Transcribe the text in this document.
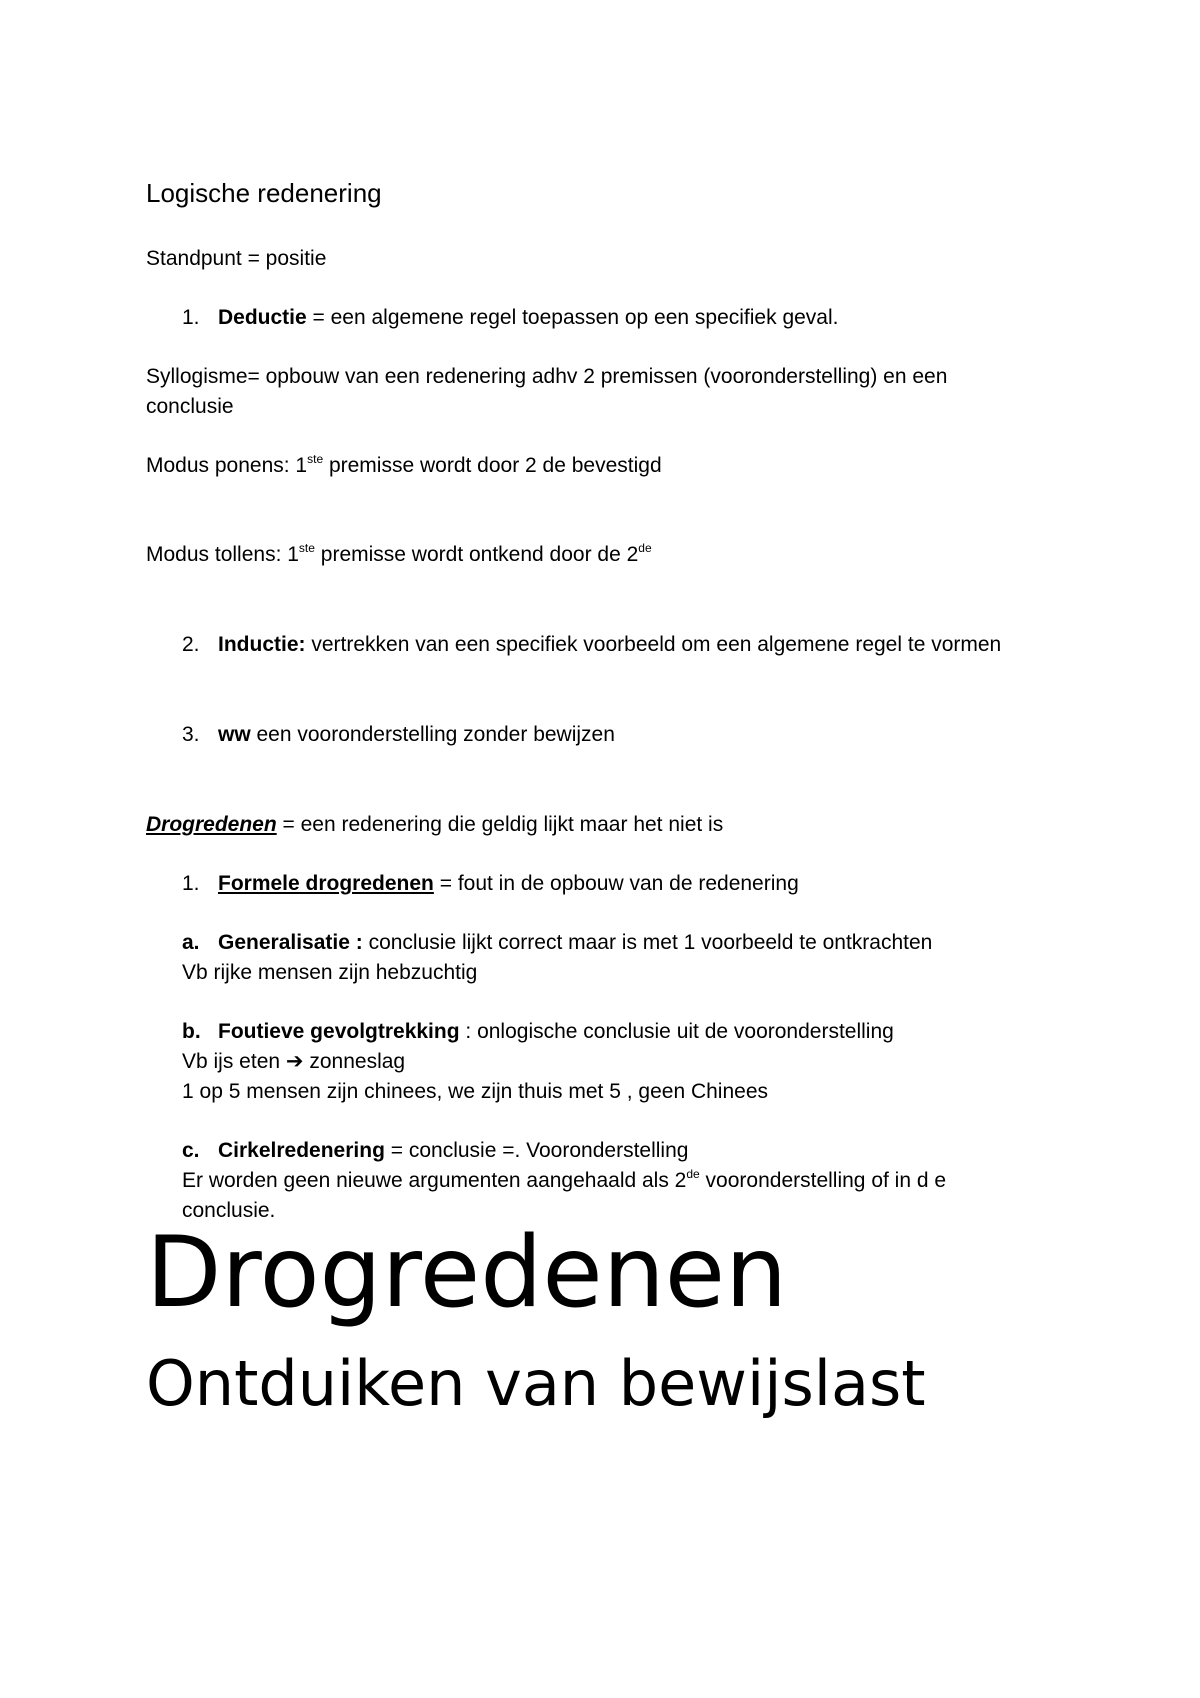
Logische redenering
Standpunt = positie
1. Deductie = een algemene regel toepassen op een specifiek geval.
Syllogisme= opbouw van een redenering adhv 2 premissen (vooronderstelling) en een
conclusie
Modus ponens: 1ste premisse wordt door 2 de bevestigd
Modus tollens: 1ste premisse wordt ontkend door de 2de
2. Inductie: vertrekken van een specifiek voorbeeld om een algemene regel te vormen
3. ww een vooronderstelling zonder bewijzen
Drogredenen = een redenering die geldig lijkt maar het niet is
1. Formele drogredenen = fout in de opbouw van de redenering
a. Generalisatie : conclusie lijkt correct maar is met 1 voorbeeld te ontkrachten
Vb rijke mensen zijn hebzuchtig
b. Foutieve gevolgtrekking : onlogische conclusie uit de vooronderstelling
Vb ijs eten ➔ zonneslag
1 op 5 mensen zijn chinees, we zijn thuis met 5 , geen Chinees
c. Cirkelredenering = conclusie =. Vooronderstelling
Er worden geen nieuwe argumenten aangehaald als 2de vooronderstelling of in d e
conclusie.
Drogredenen
Ontduiken van bewijslast
